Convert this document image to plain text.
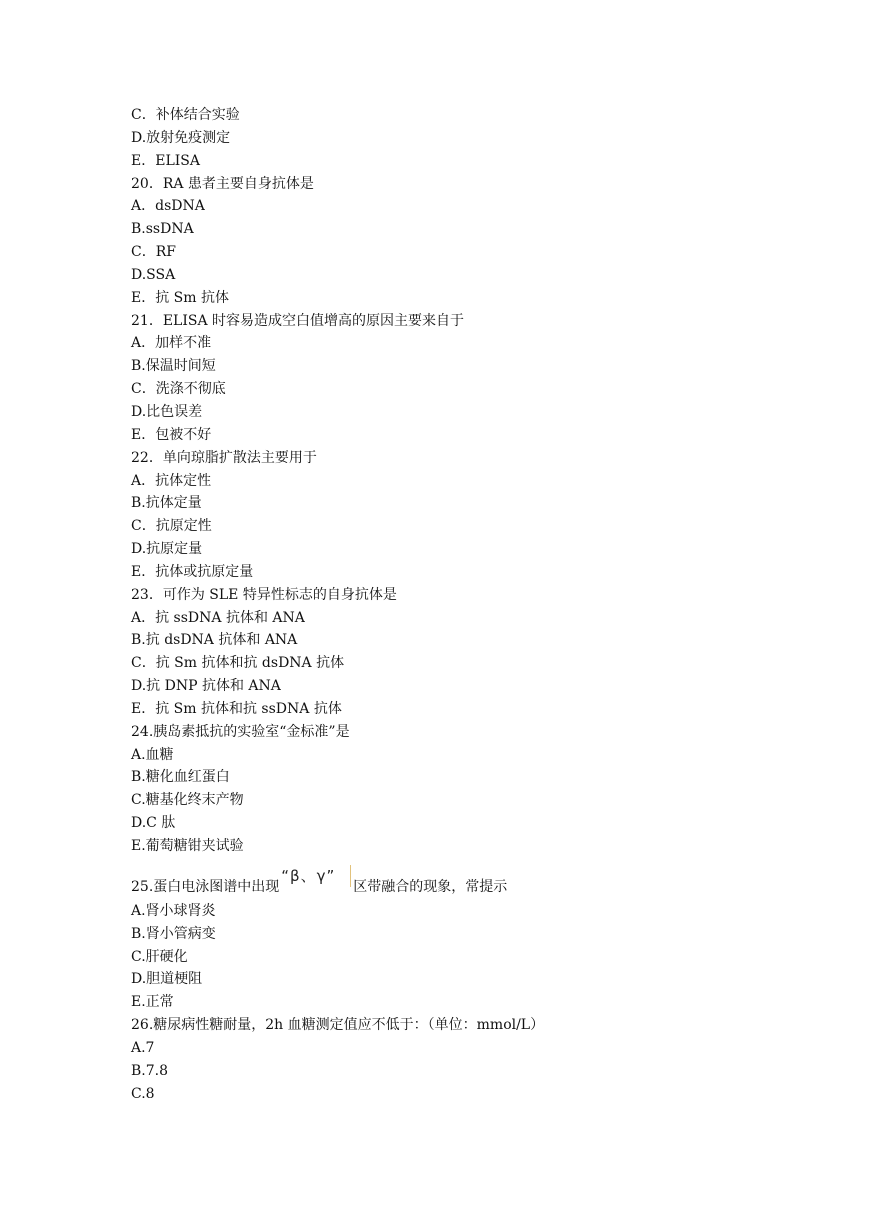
C．补体结合实验
D.放射免疫测定
E．ELISA
20．RA 患者主要自身抗体是
A．dsDNA
B.ssDNA
C．RF
D.SSA
E．抗 Sm 抗体
21．ELISA 时容易造成空白值增高的原因主要来自于
A．加样不准
B.保温时间短
C．洗涤不彻底
D.比色误差
E．包被不好
22．单向琼脂扩散法主要用于
A．抗体定性
B.抗体定量
C．抗原定性
D.抗原定量
E．抗体或抗原定量
23．可作为 SLE 特异性标志的自身抗体是
A．抗 ssDNA 抗体和 ANA
B.抗 dsDNA 抗体和 ANA
C．抗 Sm 抗体和抗 dsDNA 抗体
D.抗 DNP 抗体和 ANA
E．抗 Sm 抗体和抗 ssDNA 抗体
24.胰岛素抵抗的实验室“金标准”是
A.血糖
B.糖化血红蛋白
C.糖基化终末产物
D.C 肽
E.葡萄糖钳夹试验
25.蛋白电泳图谱中出现
“β、γ”
区带融合的现象，常提示
A.肾小球肾炎
B.肾小管病变
C.肝硬化
D.胆道梗阻
E.正常
26.糖尿病性糖耐量，2h 血糖测定值应不低于：（单位：mmol/L）
A.7
B.7.8
C.8
